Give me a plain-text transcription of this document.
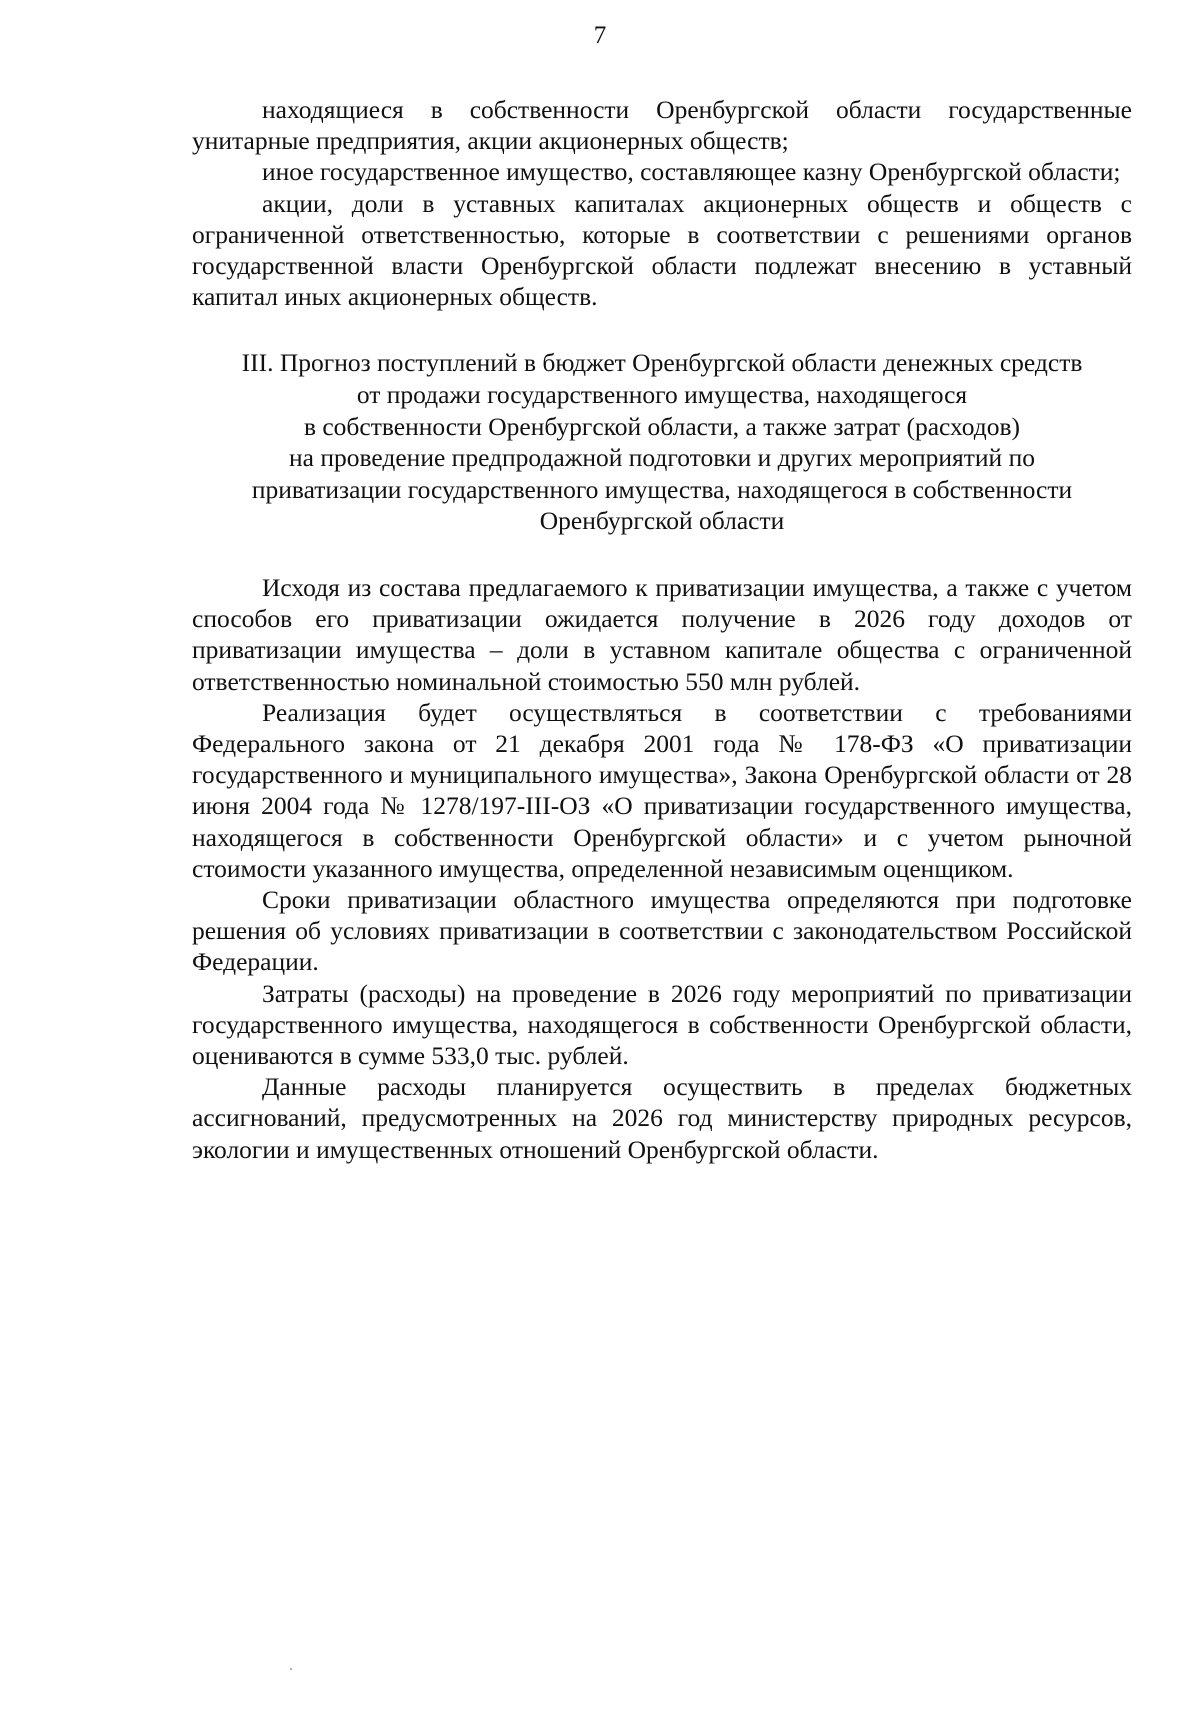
7

находящиеся в собственности Оренбургской области государственные унитарные предприятия, акции акционерных обществ;

иное государственное имущество, составляющее казну Оренбургской области;

акции, доли в уставных капиталах акционерных обществ и обществ с ограниченной ответственностью, которые в соответствии с решениями органов государственной власти Оренбургской области подлежат внесению в уставный капитал иных акционерных обществ.

III. Прогноз поступлений в бюджет Оренбургской области денежных средств
от продажи государственного имущества, находящегося
в собственности Оренбургской области, а также затрат (расходов)
на проведение предпродажной подготовки и других мероприятий по
приватизации государственного имущества, находящегося в собственности
Оренбургской области

Исходя из состава предлагаемого к приватизации имущества, а также с учетом способов его приватизации ожидается получение в 2026 году доходов от приватизации имущества – доли в уставном капитале общества с ограниченной ответственностью номинальной стоимостью 550 млн рублей.

Реализация будет осуществляться в соответствии с требованиями Федерального закона от 21 декабря 2001 года № 178-ФЗ «О приватизации государственного и муниципального имущества», Закона Оренбургской области от 28 июня 2004 года № 1278/197-III-ОЗ «О приватизации государственного имущества, находящегося в собственности Оренбургской области» и с учетом рыночной стоимости указанного имущества, определенной независимым оценщиком.

Сроки приватизации областного имущества определяются при подготовке решения об условиях приватизации в соответствии с законодательством Российской Федерации.

Затраты (расходы) на проведение в 2026 году мероприятий по приватизации государственного имущества, находящегося в собственности Оренбургской области, оцениваются в сумме 533,0 тыс. рублей.

Данные расходы планируется осуществить в пределах бюджетных ассигнований, предусмотренных на 2026 год министерству природных ресурсов, экологии и имущественных отношений Оренбургской области.
